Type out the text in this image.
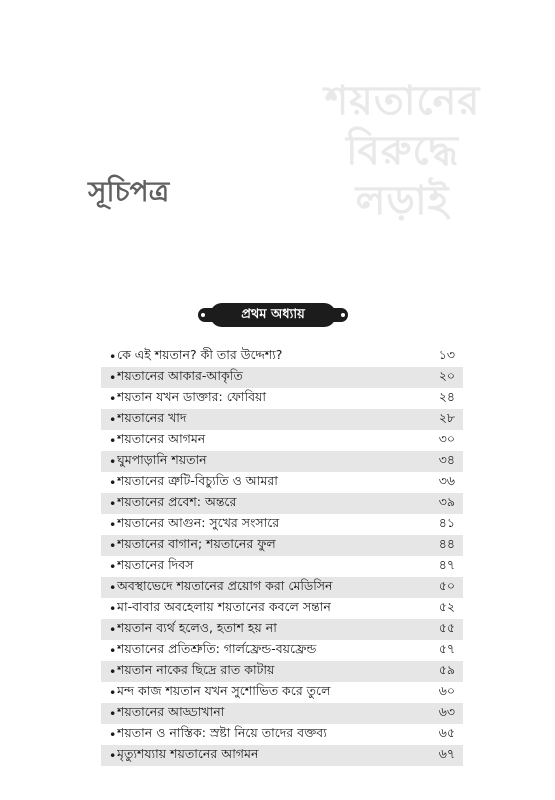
শয়তানের
বিরুদ্ধে
লড়াই
সূচিপত্র
প্রথম অধ্যায়
• কে এই শয়তান? কী তার উদ্দেশ্য?	১৩
• শয়তানের আকার-আকৃতি	২০
• শয়তান যখন ডাক্তার: ফোবিয়া	২৪
• শয়তানের খাদ	২৮
• শয়তানের আগমন	৩০
• ঘুমপাড়ানি শয়তান	৩৪
• শয়তানের ত্রুটি-বিচ্যুতি ও আমরা	৩৬
• শয়তানের প্রবেশ: অন্তরে	৩৯
• শয়তানের আগুন: সুখের সংসারে	৪১
• শয়তানের বাগান; শয়তানের ফুল	৪৪
• শয়তানের দিবস	৪৭
• অবস্থাভেদে শয়তানের প্রয়োগ করা মেডিসিন	৫০
• মা-বাবার অবহেলায় শয়তানের কবলে সন্তান	৫২
• শয়তান ব্যর্থ হলেও, হতাশ হয় না	৫৫
• শয়তানের প্রতিশ্রুতি: গার্লফ্রেন্ড-বয়ফ্রেন্ড	৫৭
• শয়তান নাকের ছিদ্রে রাত কাটায়	৫৯
• মন্দ কাজ শয়তান যখন সুশোভিত করে তুলে	৬০
• শয়তানের আড্ডাখানা	৬৩
• শয়তান ও নাস্তিক: স্রষ্টা নিয়ে তাদের বক্তব্য	৬৫
• মৃত্যুশয্যায় শয়তানের আগমন	৬৭
